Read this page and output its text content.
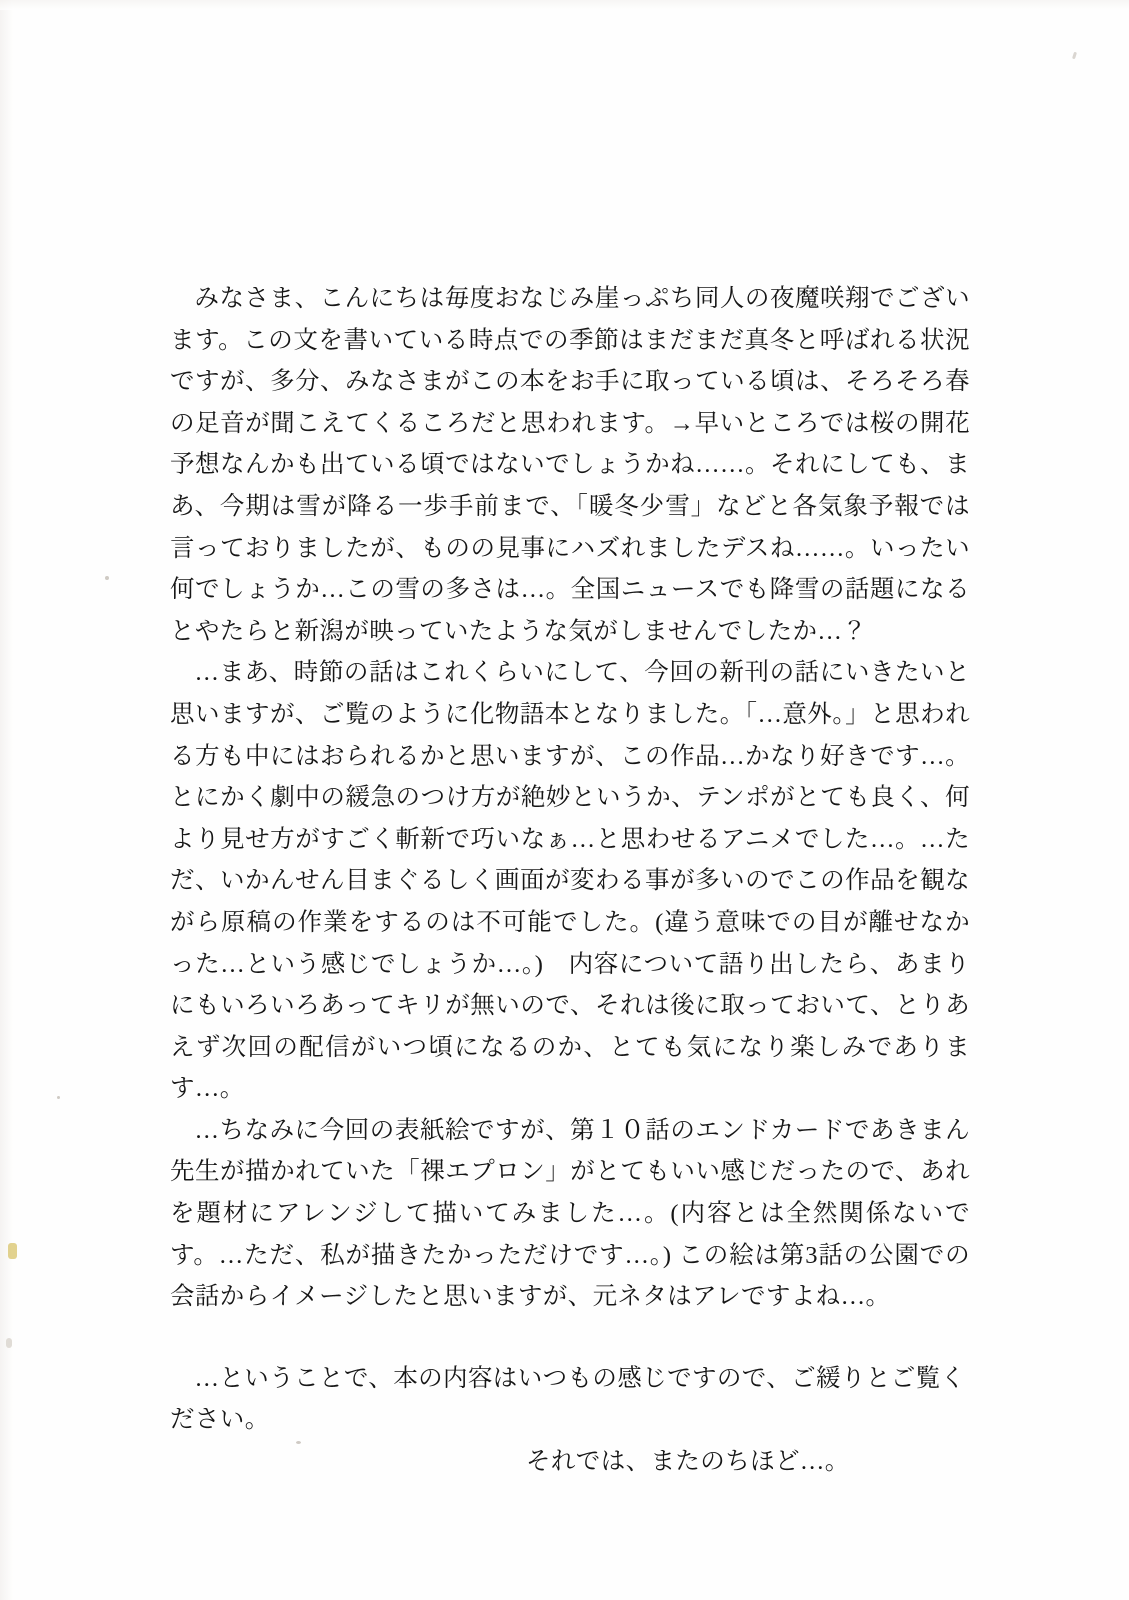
みなさま、こんにちは毎度おなじみ崖っぷち同人の夜魔咲翔でございます。この文を書いている時点での季節はまだまだ真冬と呼ばれる状況ですが、多分、みなさまがこの本をお手に取っている頃は、そろそろ春の足音が聞こえてくるころだと思われます。→早いところでは桜の開花予想なんかも出ている頃ではないでしょうかね……。それにしても、まあ、今期は雪が降る一歩手前まで、「暖冬少雪」などと各気象予報では言っておりましたが、ものの見事にハズれましたデスね……。いったい何でしょうか…この雪の多さは…。全国ニュースでも降雪の話題になるとやたらと新潟が映っていたような気がしませんでしたか…？

…まあ、時節の話はこれくらいにして、今回の新刊の話にいきたいと思いますが、ご覧のように化物語本となりました。「…意外。」と思われる方も中にはおられるかと思いますが、この作品…かなり好きです…。とにかく劇中の緩急のつけ方が絶妙というか、テンポがとても良く、何より見せ方がすごく斬新で巧いなぁ…と思わせるアニメでした…。…ただ、いかんせん目まぐるしく画面が変わる事が多いのでこの作品を観ながら原稿の作業をするのは不可能でした。(違う意味での目が離せなかった…という感じでしょうか…。)　内容について語り出したら、あまりにもいろいろあってキリが無いので、それは後に取っておいて、とりあえず次回の配信がいつ頃になるのか、とても気になり楽しみであります…。

…ちなみに今回の表紙絵ですが、第１０話のエンドカードであきまん先生が描かれていた「裸エプロン」がとてもいい感じだったので、あれを題材にアレンジして描いてみました…。(内容とは全然関係ないです。…ただ、私が描きたかっただけです…。) この絵は第3話の公園での会話からイメージしたと思いますが、元ネタはアレですよね…。

…ということで、本の内容はいつもの感じですので、ご緩りとご覧ください。

それでは、またのちほど…。
